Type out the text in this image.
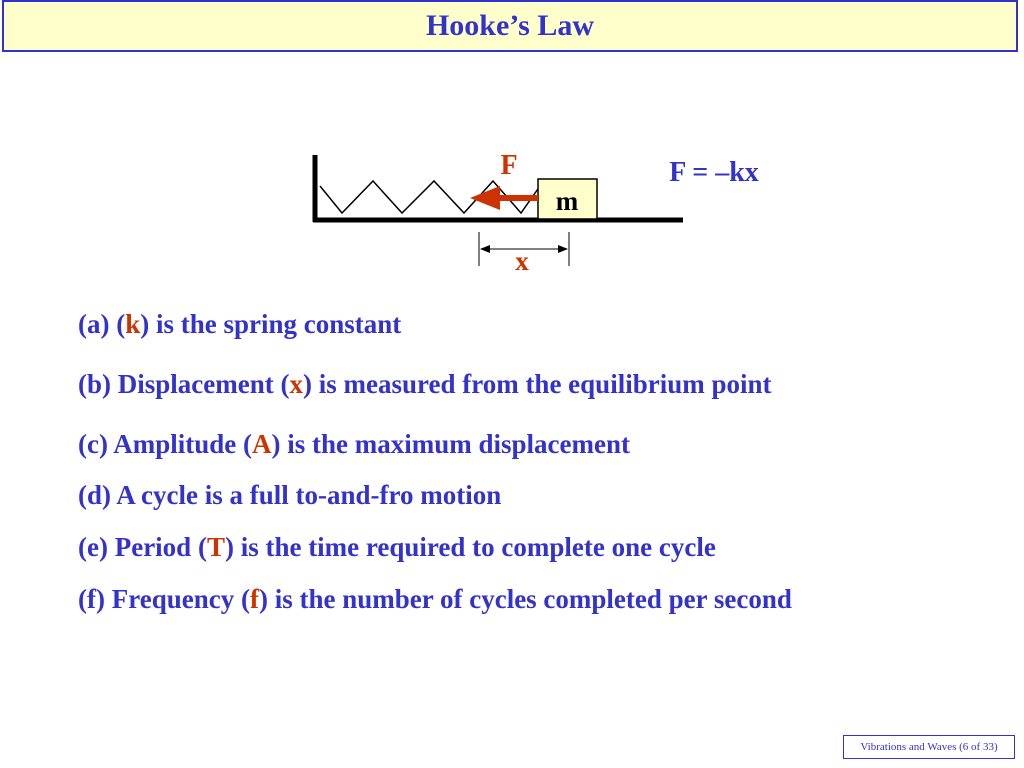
Hooke’s Law
m
F	F = –kx
x
(a) (k) is the spring constant
(b) Displacement (x) is measured from the equilibrium point
(c) Amplitude (A) is the maximum displacement
(d) A cycle is a full to-and-fro motion
(e) Period (T) is the time required to complete one cycle
(f) Frequency (f) is the number of cycles completed per second
Vibrations and Waves (6 of 33)
